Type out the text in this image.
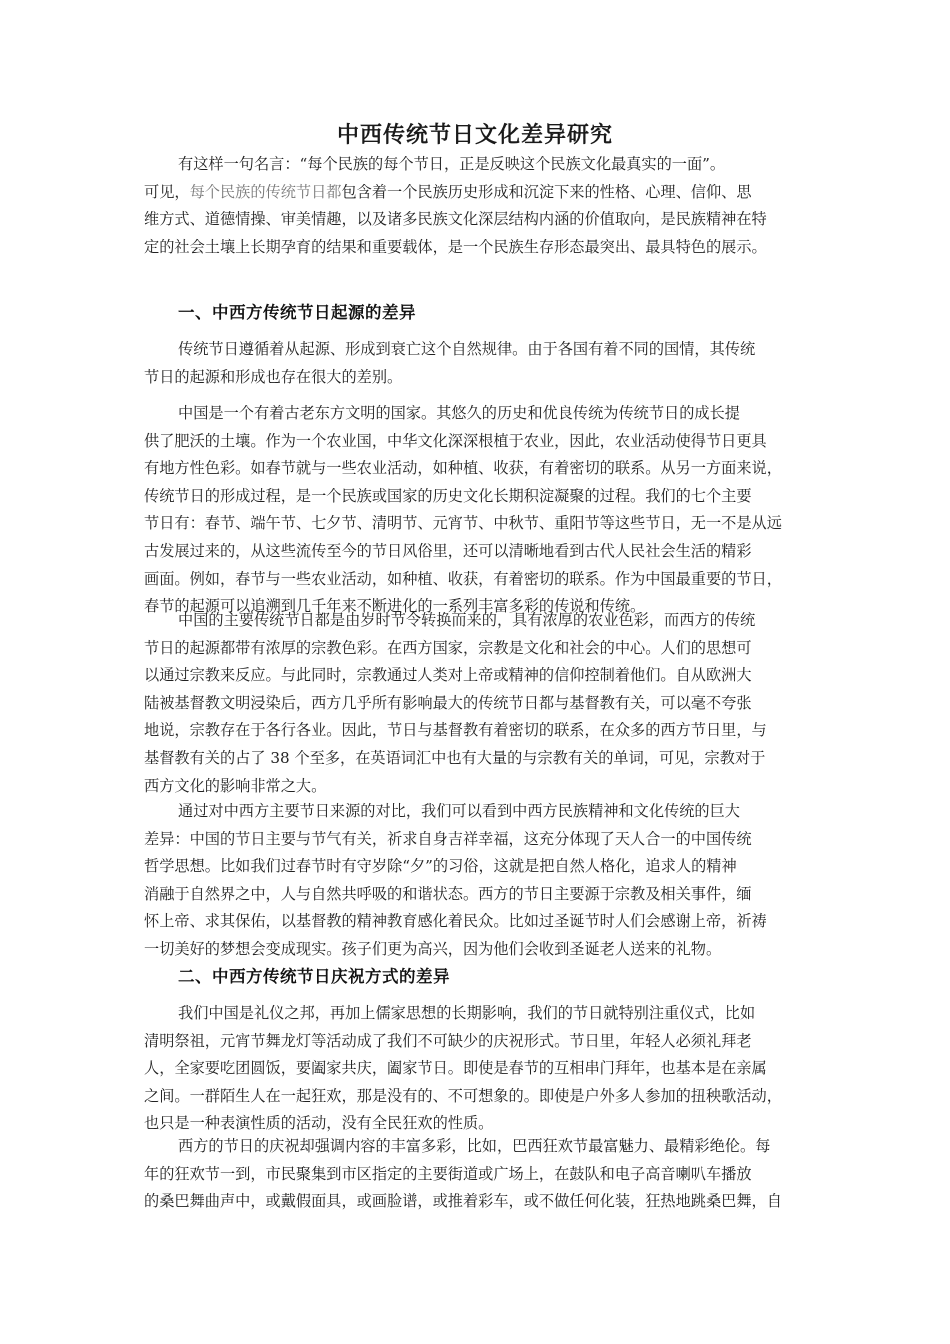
中西传统节日文化差异研究
有这样一句名言：“每个民族的每个节日，正是反映这个民族文化最真实的一面”。
可见，每个民族的传统节日都包含着一个民族历史形成和沉淀下来的性格、心理、信仰、思
维方式、道德情操、审美情趣，以及诸多民族文化深层结构内涵的价值取向，是民族精神在特
定的社会土壤上长期孕育的结果和重要载体，是一个民族生存形态最突出、最具特色的展示。
一、中西方传统节日起源的差异
传统节日遵循着从起源、形成到衰亡这个自然规律。由于各国有着不同的国情，其传统
节日的起源和形成也存在很大的差别。
中国是一个有着古老东方文明的国家。其悠久的历史和优良传统为传统节日的成长提
供了肥沃的土壤。作为一个农业国，中华文化深深根植于农业，因此，农业活动使得节日更具
有地方性色彩。如春节就与一些农业活动，如种植、收获，有着密切的联系。从另一方面来说，
传统节日的形成过程，是一个民族或国家的历史文化长期积淀凝聚的过程。我们的七个主要
节日有：春节、端午节、七夕节、清明节、元宵节、中秋节、重阳节等这些节日，无一不是从远
古发展过来的，从这些流传至今的节日风俗里，还可以清晰地看到古代人民社会生活的精彩
画面。例如，春节与一些农业活动，如种植、收获，有着密切的联系。作为中国最重要的节日，
春节的起源可以追溯到几千年来不断进化的一系列丰富多彩的传说和传统。
中国的主要传统节日都是由岁时节令转换而来的，具有浓厚的农业色彩，而西方的传统
节日的起源都带有浓厚的宗教色彩。在西方国家，宗教是文化和社会的中心。人们的思想可
以通过宗教来反应。与此同时，宗教通过人类对上帝或精神的信仰控制着他们。自从欧洲大
陆被基督教文明浸染后，西方几乎所有影响最大的传统节日都与基督教有关，可以毫不夸张
地说，宗教存在于各行各业。因此，节日与基督教有着密切的联系，在众多的西方节日里，与
基督教有关的占了 38 个至多，在英语词汇中也有大量的与宗教有关的单词，可见，宗教对于
西方文化的影响非常之大。
通过对中西方主要节日来源的对比，我们可以看到中西方民族精神和文化传统的巨大
差异：中国的节日主要与节气有关，祈求自身吉祥幸福，这充分体现了天人合一的中国传统
哲学思想。比如我们过春节时有守岁除“夕”的习俗，这就是把自然人格化，追求人的精神
消融于自然界之中，人与自然共呼吸的和谐状态。西方的节日主要源于宗教及相关事件，缅
怀上帝、求其保佑，以基督教的精神教育感化着民众。比如过圣诞节时人们会感谢上帝，祈祷
一切美好的梦想会变成现实。孩子们更为高兴，因为他们会收到圣诞老人送来的礼物。
二、中西方传统节日庆祝方式的差异
我们中国是礼仪之邦，再加上儒家思想的长期影响，我们的节日就特别注重仪式，比如
清明祭祖，元宵节舞龙灯等活动成了我们不可缺少的庆祝形式。节日里，年轻人必须礼拜老
人，全家要吃团圆饭，要阖家共庆，阖家节日。即使是春节的互相串门拜年，也基本是在亲属
之间。一群陌生人在一起狂欢，那是没有的、不可想象的。即使是户外多人参加的扭秧歌活动，
也只是一种表演性质的活动，没有全民狂欢的性质。
西方的节日的庆祝却强调内容的丰富多彩，比如，巴西狂欢节最富魅力、最精彩绝伦。每
年的狂欢节一到，市民聚集到市区指定的主要街道或广场上，在鼓队和电子高音喇叭车播放
的桑巴舞曲声中，或戴假面具，或画脸谱，或推着彩车，或不做任何化装，狂热地跳桑巴舞，自
